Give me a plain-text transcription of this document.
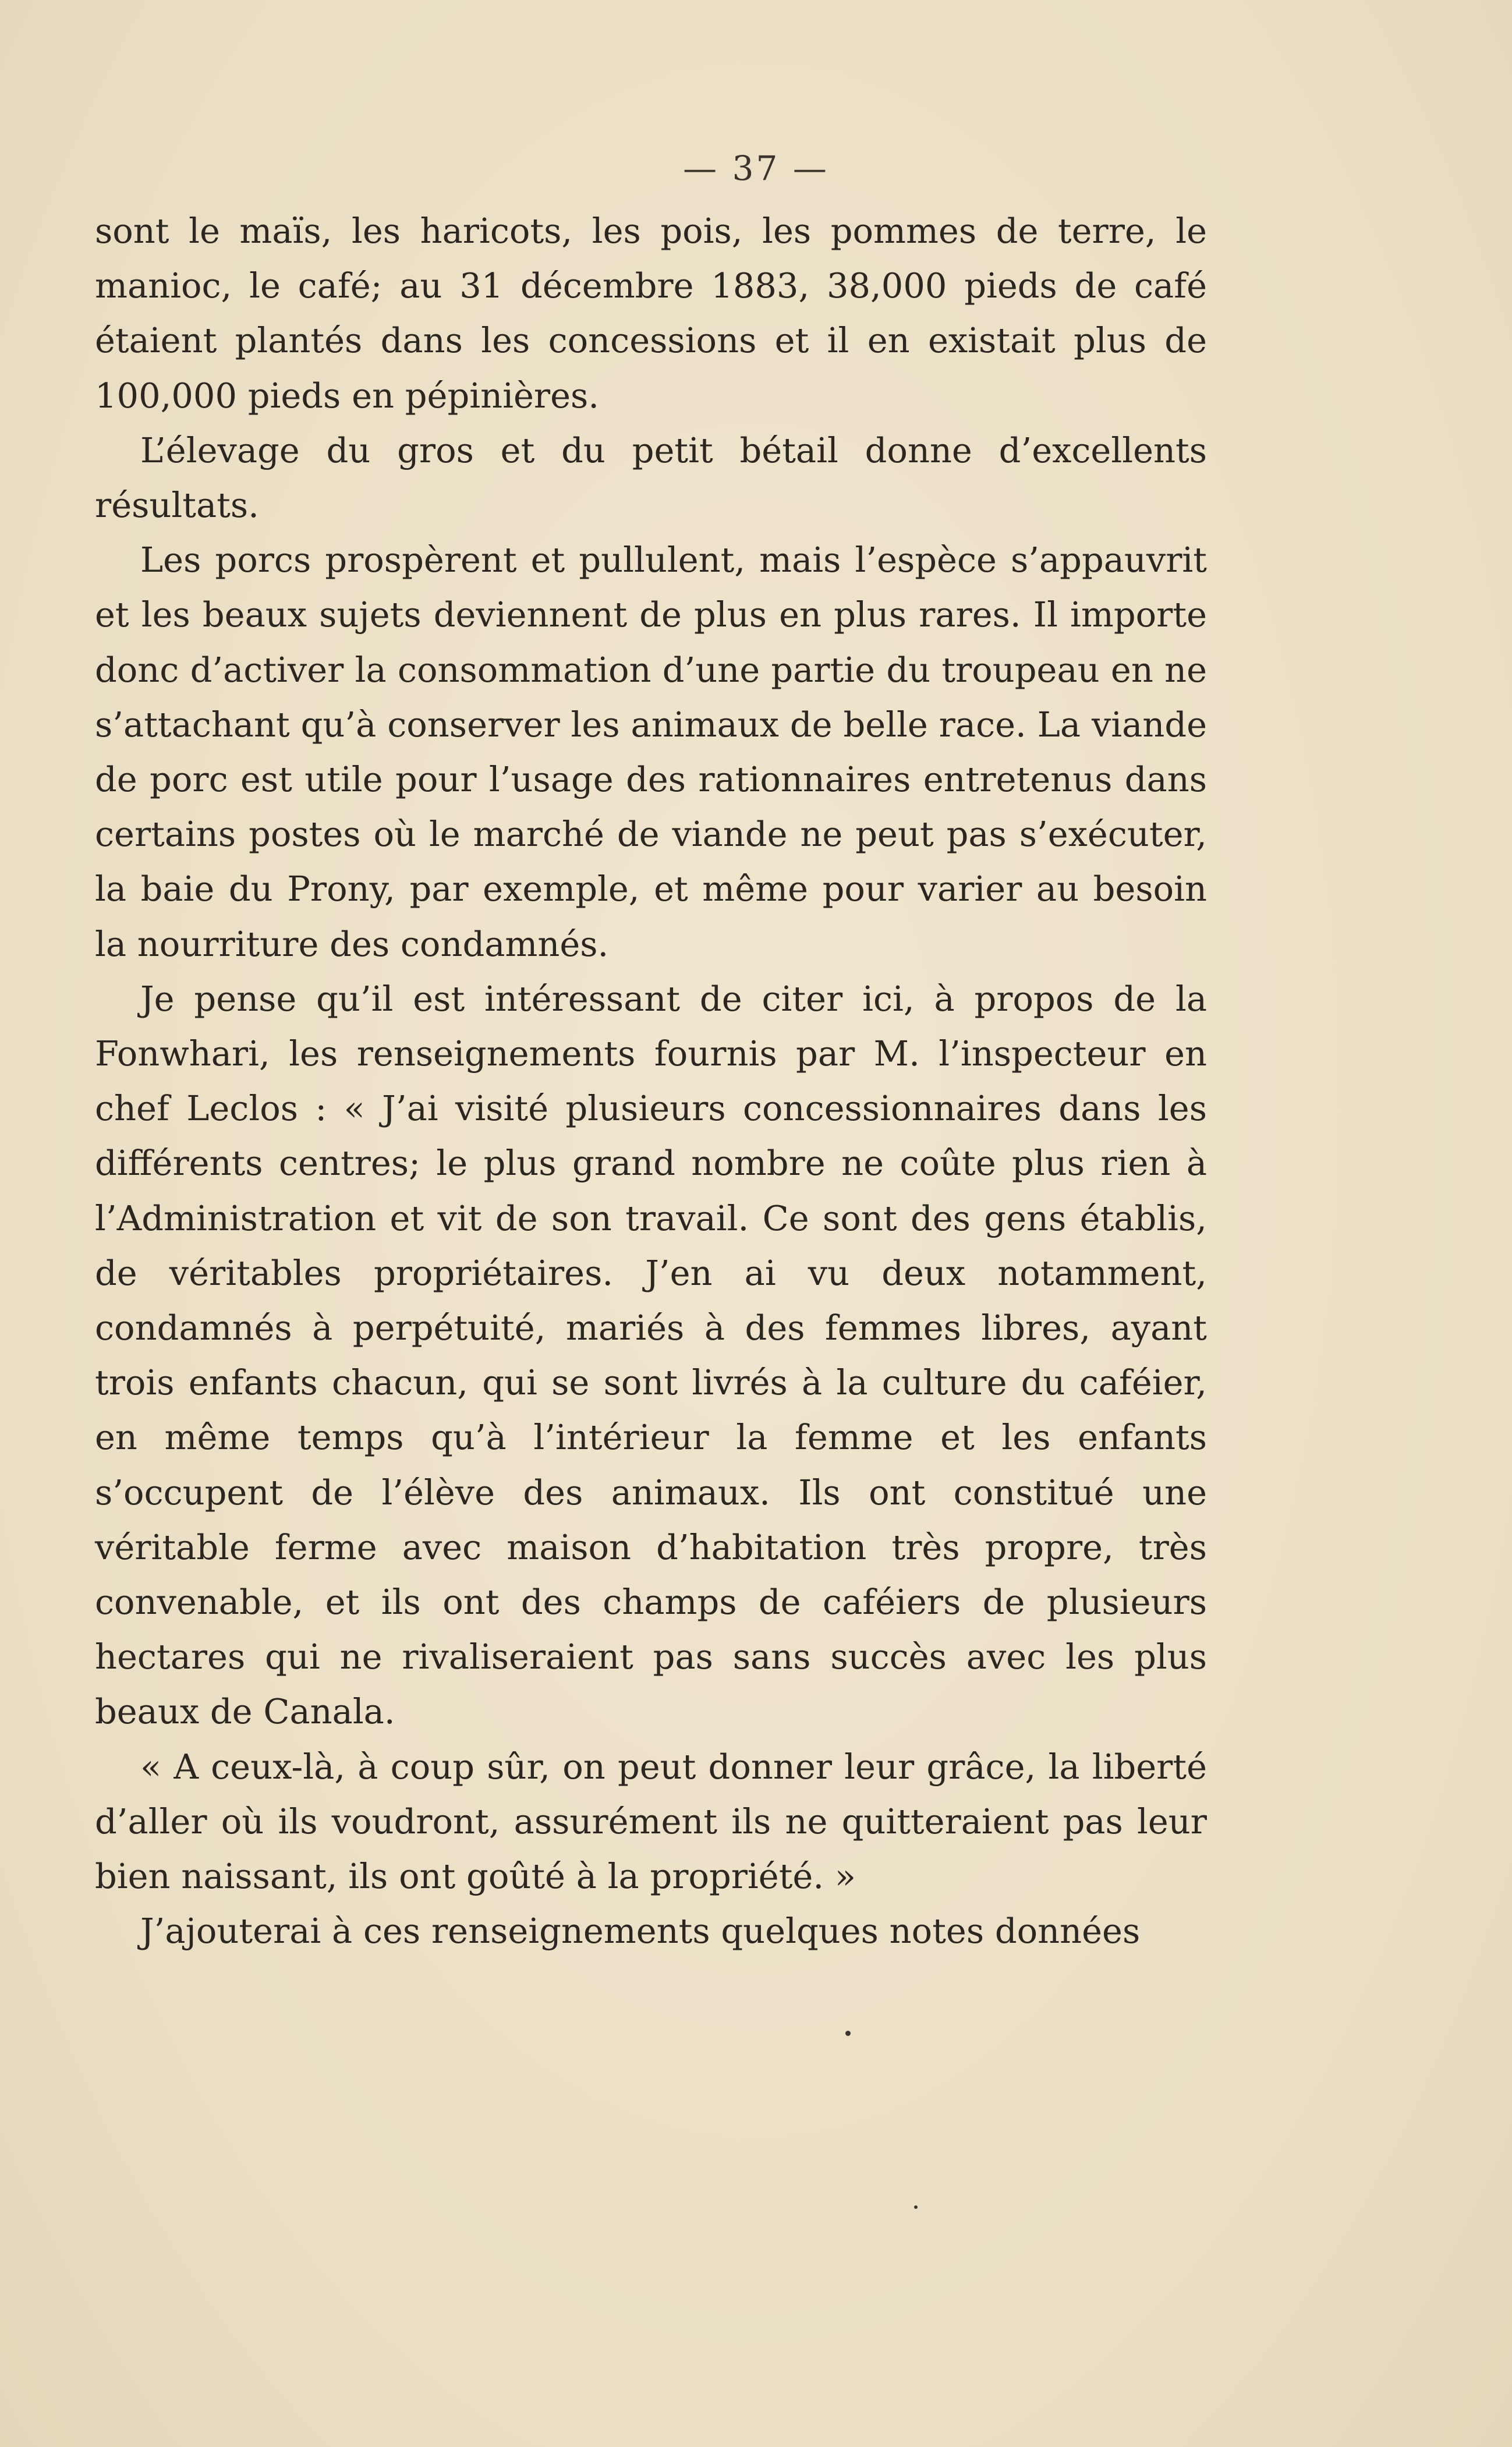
— 37 —

sont le maïs, les haricots, les pois, les pommes de terre, le manioc, le café; au 31 décembre 1883, 38,000 pieds de café étaient plantés dans les concessions et il en existait plus de 100,000 pieds en pépinières.

L’élevage du gros et du petit bétail donne d’excellents résultats.

Les porcs prospèrent et pullulent, mais l’espèce s’appauvrit et les beaux sujets deviennent de plus en plus rares. Il importe donc d’activer la consommation d’une partie du troupeau en ne s’attachant qu’à conserver les animaux de belle race. La viande de porc est utile pour l’usage des rationnaires entretenus dans certains postes où le marché de viande ne peut pas s’exécuter, la baie du Prony, par exemple, et même pour varier au besoin la nourriture des condamnés.

Je pense qu’il est intéressant de citer ici, à propos de la Fonwhari, les renseignements fournis par M. l’inspecteur en chef Leclos : « J’ai visité plusieurs concessionnaires dans les différents centres; le plus grand nombre ne coûte plus rien à l’Administration et vit de son travail. Ce sont des gens établis, de véritables propriétaires. J’en ai vu deux notamment, condamnés à perpétuité, mariés à des femmes libres, ayant trois enfants chacun, qui se sont livrés à la culture du caféier, en même temps qu’à l’intérieur la femme et les enfants s’occupent de l’élève des animaux. Ils ont constitué une véritable ferme avec maison d’habitation très propre, très convenable, et ils ont des champs de caféiers de plusieurs hectares qui ne rivaliseraient pas sans succès avec les plus beaux de Canala.

« A ceux-là, à coup sûr, on peut donner leur grâce, la liberté d’aller où ils voudront, assurément ils ne quitteraient pas leur bien naissant, ils ont goûté à la propriété. »

J’ajouterai à ces renseignements quelques notes données
